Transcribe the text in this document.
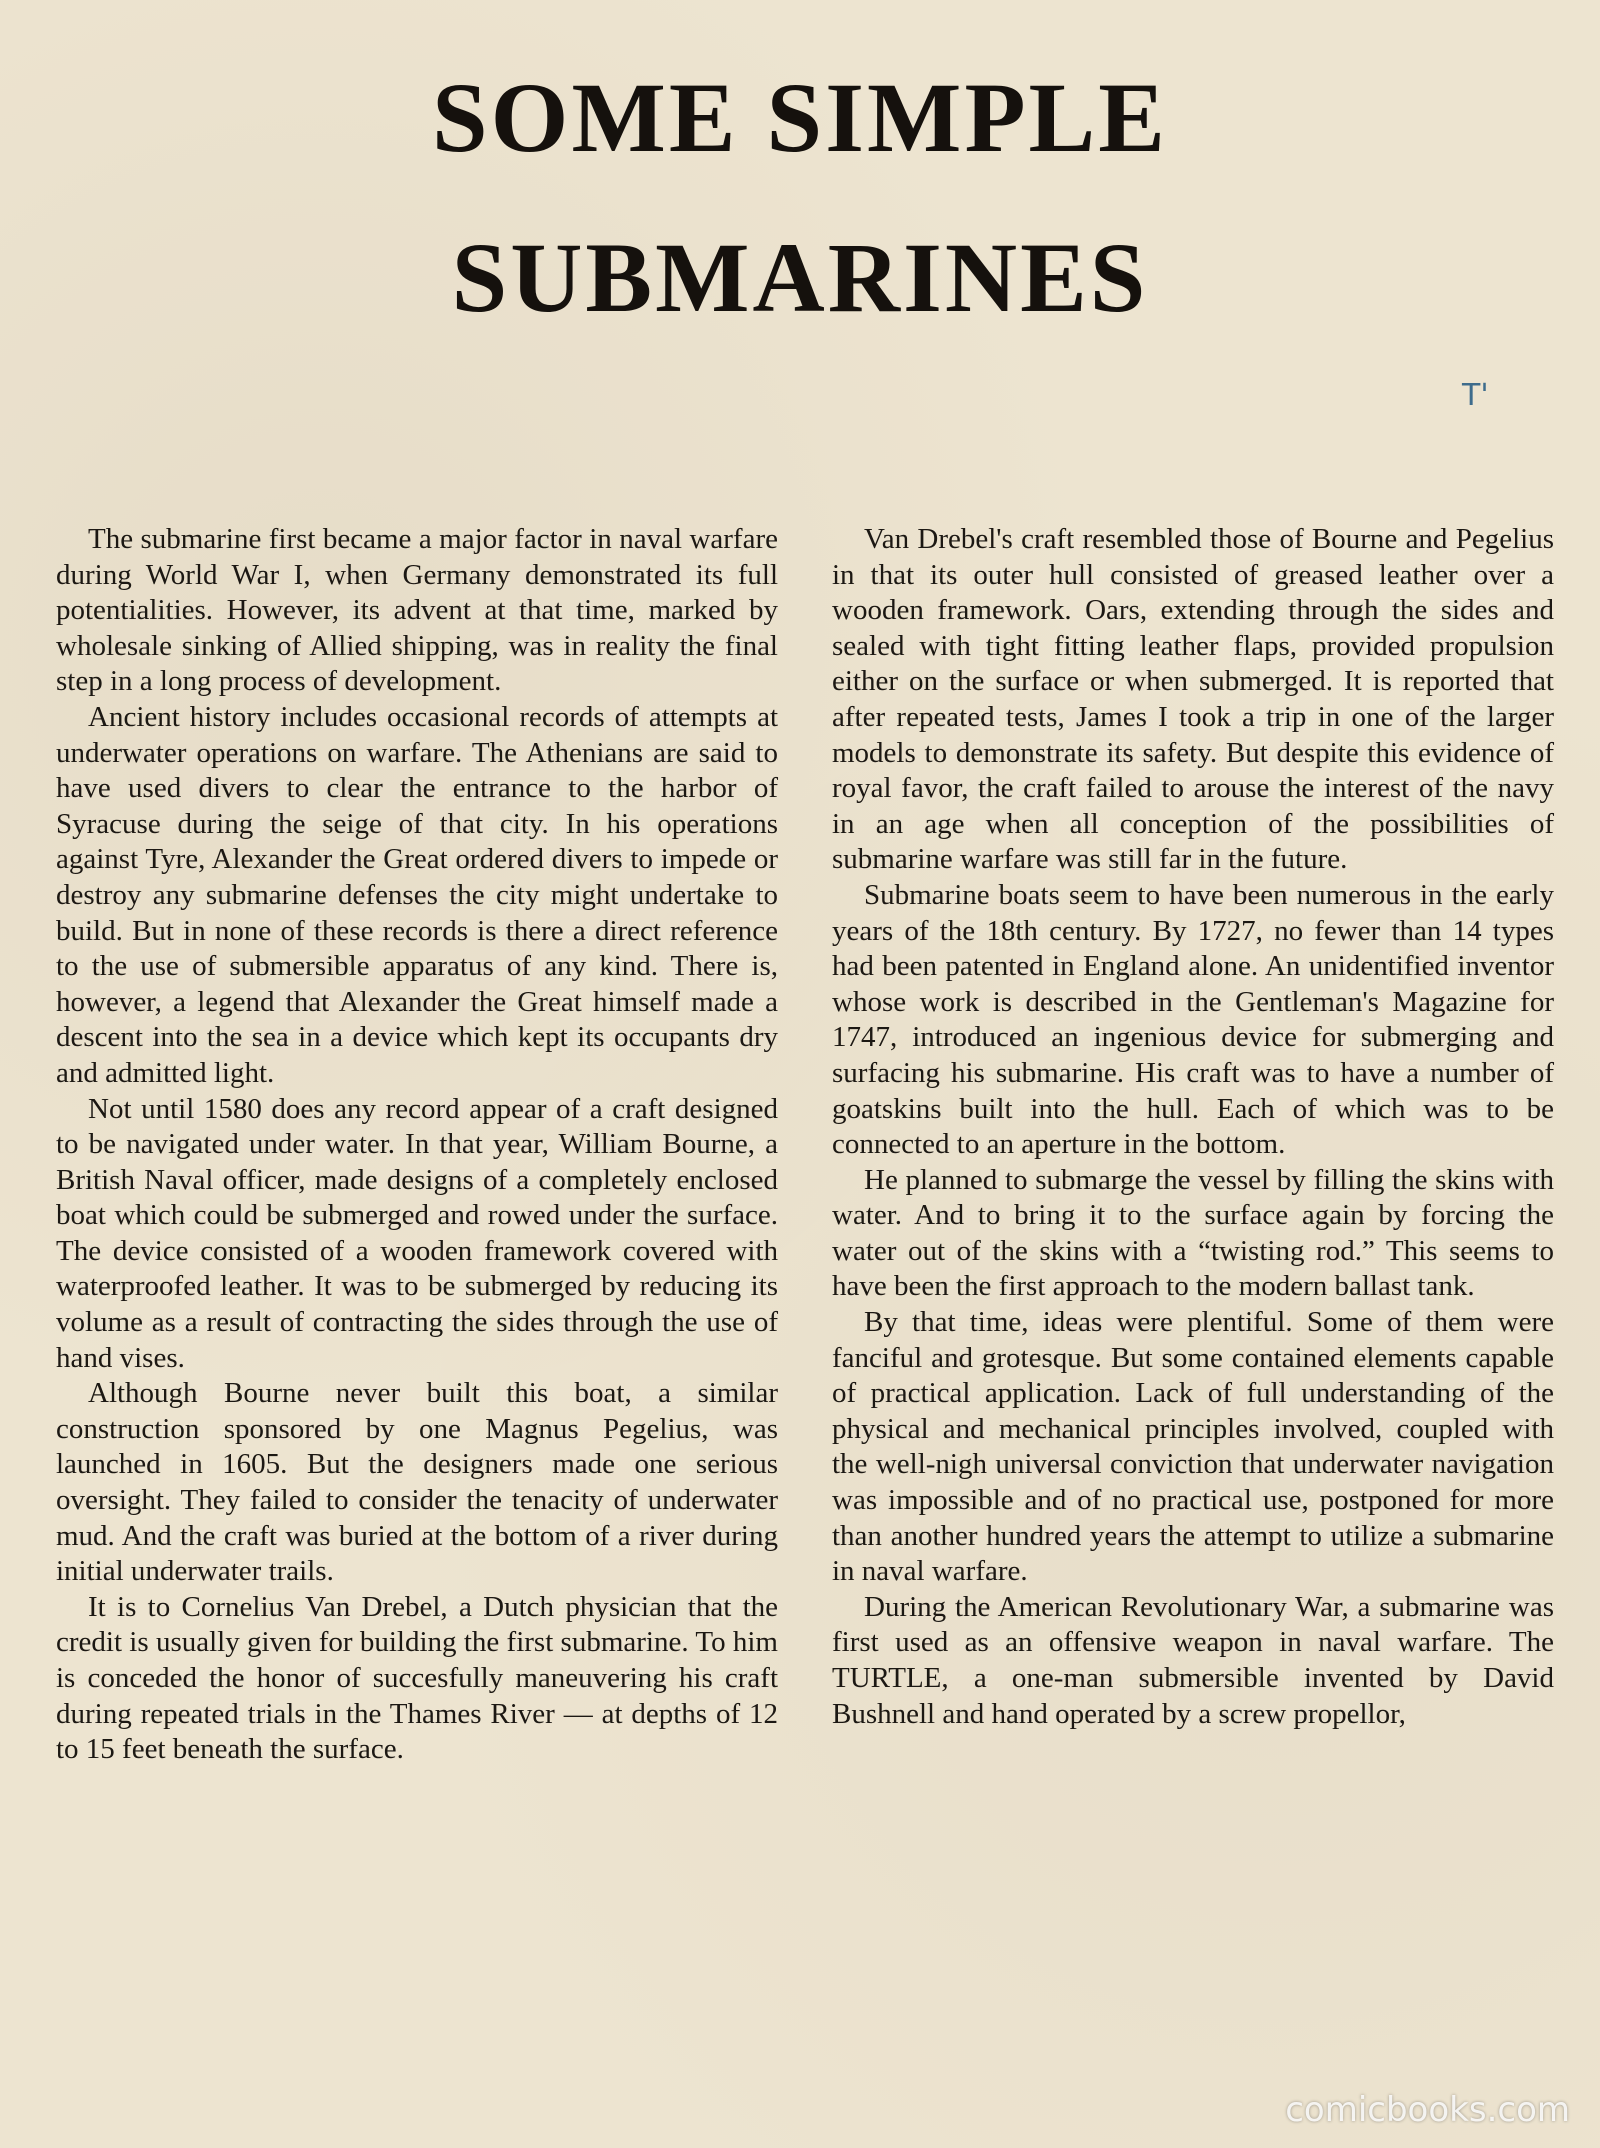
SOME SIMPLE
SUBMARINES
T'

The submarine first became a major factor in naval warfare during World War I, when Germany demonstrated its full potentialities. However, its advent at that time, marked by wholesale sinking of Allied shipping, was in reality the final step in a long process of development.

Ancient history includes occasional records of attempts at underwater operations on warfare. The Athenians are said to have used divers to clear the entrance to the harbor of Syracuse during the seige of that city. In his operations against Tyre, Alexander the Great ordered divers to impede or destroy any submarine defenses the city might undertake to build. But in none of these records is there a direct reference to the use of submersible apparatus of any kind. There is, however, a legend that Alexander the Great himself made a descent into the sea in a device which kept its occupants dry and admitted light.

Not until 1580 does any record appear of a craft designed to be navigated under water. In that year, William Bourne, a British Naval officer, made designs of a completely enclosed boat which could be submerged and rowed under the surface. The device consisted of a wooden framework covered with waterproofed leather. It was to be submerged by reducing its volume as a result of contracting the sides through the use of hand vises.

Although Bourne never built this boat, a similar construction sponsored by one Magnus Pegelius, was launched in 1605. But the designers made one serious oversight. They failed to consider the tenacity of underwater mud. And the craft was buried at the bottom of a river during initial underwater trails.

It is to Cornelius Van Drebel, a Dutch physician that the credit is usually given for building the first submarine. To him is conceded the honor of succesfully maneuvering his craft during repeated trials in the Thames River — at depths of 12 to 15 feet beneath the surface.

Van Drebel's craft resembled those of Bourne and Pegelius in that its outer hull consisted of greased leather over a wooden framework. Oars, extending through the sides and sealed with tight fitting leather flaps, provided propulsion either on the surface or when submerged. It is reported that after repeated tests, James I took a trip in one of the larger models to demonstrate its safety. But despite this evidence of royal favor, the craft failed to arouse the interest of the navy in an age when all conception of the possibilities of submarine warfare was still far in the future.

Submarine boats seem to have been numerous in the early years of the 18th century. By 1727, no fewer than 14 types had been patented in England alone. An unidentified inventor whose work is described in the Gentleman's Magazine for 1747, introduced an ingenious device for submerging and surfacing his submarine. His craft was to have a number of goatskins built into the hull. Each of which was to be connected to an aperture in the bottom.

He planned to submarge the vessel by filling the skins with water. And to bring it to the surface again by forcing the water out of the skins with a “twisting rod.” This seems to have been the first approach to the modern ballast tank.

By that time, ideas were plentiful. Some of them were fanciful and grotesque. But some contained elements capable of practical application. Lack of full understanding of the physical and mechanical principles involved, coupled with the well-nigh universal conviction that underwater navigation was impossible and of no practical use, postponed for more than another hundred years the attempt to utilize a submarine in naval warfare.

During the American Revolutionary War, a submarine was first used as an offensive weapon in naval warfare. The TURTLE, a one-man submersible invented by David Bushnell and hand operated by a screw propellor,

comicbooks.com
